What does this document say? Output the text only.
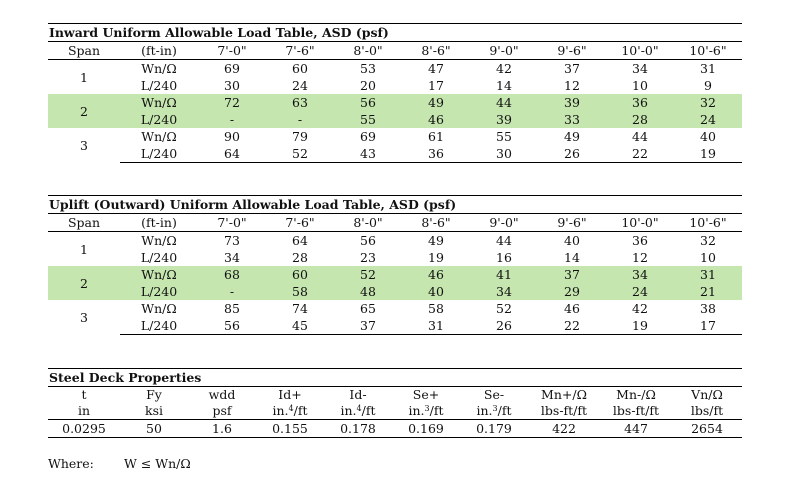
Inward Uniform Allowable Load Table, ASD (psf)
Span	(ft-in)	7'-0"	7'-6"	8'-0"	8'-6"	9'-0"	9'-6"	10'-0"	10'-6"
1	Wn/Ω	69	60	53	47	42	37	34	31
	L/240	30	24	20	17	14	12	10	9
2	Wn/Ω	72	63	56	49	44	39	36	32
	L/240	-	-	55	46	39	33	28	24
3	Wn/Ω	90	79	69	61	55	49	44	40
	L/240	64	52	43	36	30	26	22	19
Uplift (Outward) Uniform Allowable Load Table, ASD (psf)
Span	(ft-in)	7'-0"	7'-6"	8'-0"	8'-6"	9'-0"	9'-6"	10'-0"	10'-6"
1	Wn/Ω	73	64	56	49	44	40	36	32
	L/240	34	28	23	19	16	14	12	10
2	Wn/Ω	68	60	52	46	41	37	34	31
	L/240	-	58	48	40	34	29	24	21
3	Wn/Ω	85	74	65	58	52	46	42	38
	L/240	56	45	37	31	26	22	19	17
Steel Deck Properties
t	Fy	wdd	Id+	Id-	Se+	Se-	Mn+/Ω	Mn-/Ω	Vn/Ω
in	ksi	psf	in.$^4$/ft	in.$^4$/ft	in.$^3$/ft	in.$^3$/ft	lbs-ft/ft	lbs-ft/ft	lbs/ft
0.0295	50	1.6	0.155	0.178	0.169	0.179	422	447	2654
Where: W ≤ Wn/Ω
